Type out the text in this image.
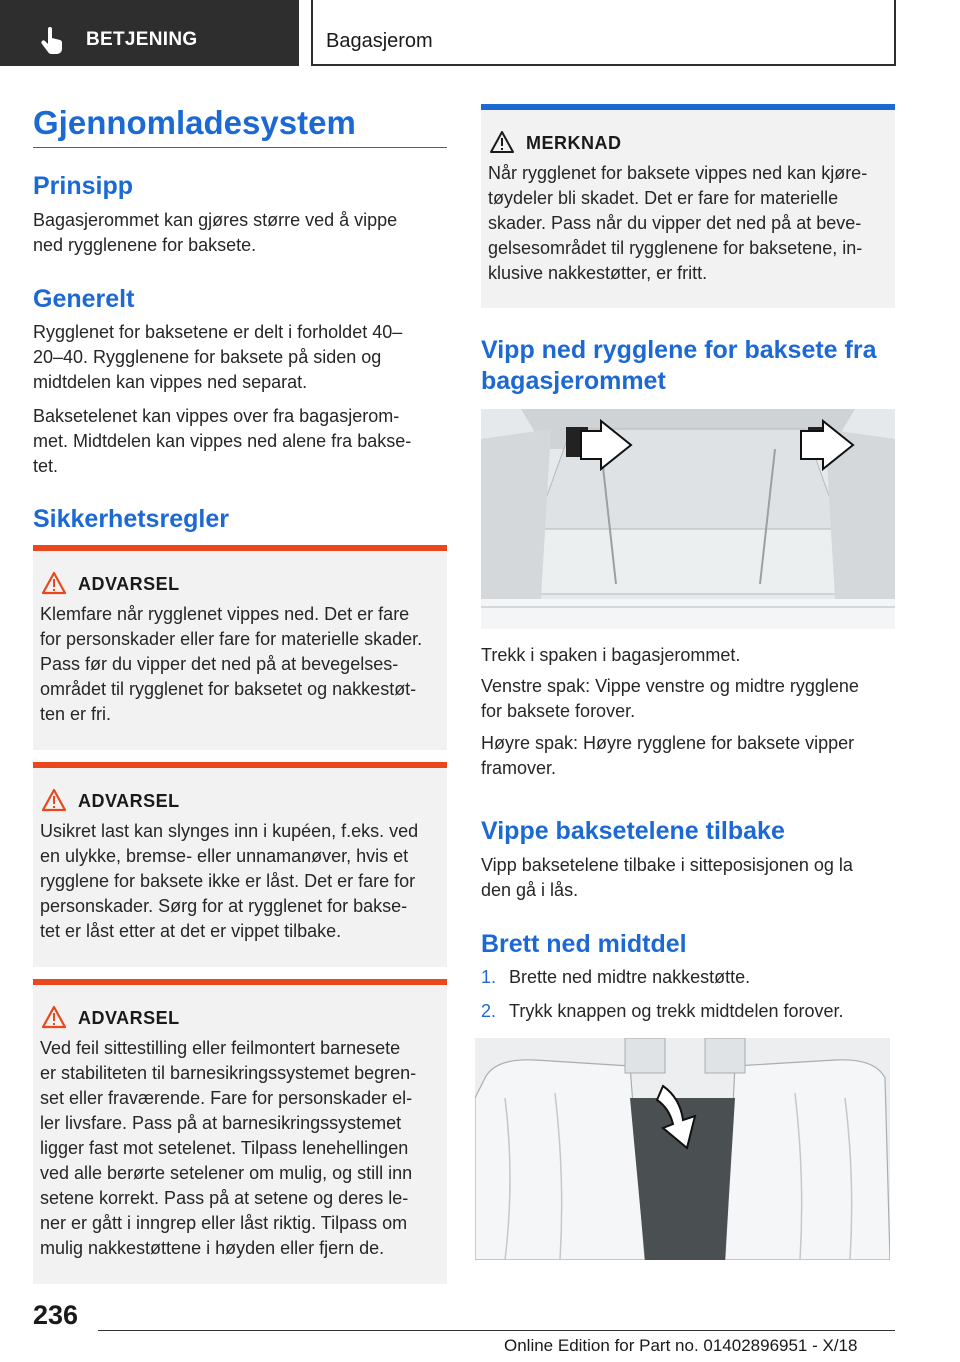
BETJENING	Bagasjerom
Gjennomladesystem
Prinsipp
Bagasjerommet kan gjøres større ved å vippe
ned rygglenene for baksete.
Generelt
Rygglenet for baksetene er delt i forholdet 40–
20–40. Rygglenene for baksete på siden og
midtdelen kan vippes ned separat.
Baksetelenet kan vippes over fra bagasjerom‐
met. Midtdelen kan vippes ned alene fra bakse‐
tet.
Sikkerhetsregler
ADVARSEL
Klemfare når rygglenet vippes ned. Det er fare
for personskader eller fare for materielle skader.
Pass før du vipper det ned på at bevegelses‐
området til rygglenet for baksetet og nakkestøt‐
ten er fri.
ADVARSEL
Usikret last kan slynges inn i kupéen, f.eks. ved
en ulykke, bremse- eller unnamanøver, hvis et
rygglene for baksete ikke er låst. Det er fare for
personskader. Sørg for at rygglenet for bakse‐
tet er låst etter at det er vippet tilbake.
ADVARSEL
Ved feil sittestilling eller feilmontert barnesete
er stabiliteten til barnesikringssystemet begren‐
set eller fraværende. Fare for personskader el‐
ler livsfare. Pass på at barnesikringssystemet
ligger fast mot setelenet. Tilpass lenehellingen
ved alle berørte setelener om mulig, og still inn
setene korrekt. Pass på at setene og deres le‐
ner er gått i inngrep eller låst riktig. Tilpass om
mulig nakkestøttene i høyden eller fjern de.
MERKNAD
Når rygglenet for baksete vippes ned kan kjøre‐
tøydeler bli skadet. Det er fare for materielle
skader. Pass når du vipper det ned på at beve‐
gelsesområdet til rygglenene for baksetene, in‐
klusive nakkestøtter, er fritt.
Vipp ned rygglene for baksete fra
bagasjerommet
Trekk i spaken i bagasjerommet.
Venstre spak: Vippe venstre og midtre rygglene
for baksete forover.
Høyre spak: Høyre rygglene for baksete vipper
framover.
Vippe baksetelene tilbake
Vipp baksetelene tilbake i sitteposisjonen og la
den gå i lås.
Brett ned midtdel
1. Brette ned midtre nakkestøtte.
2. Trykk knappen og trekk midtdelen forover.
236
Online Edition for Part no. 01402896951 - X/18
